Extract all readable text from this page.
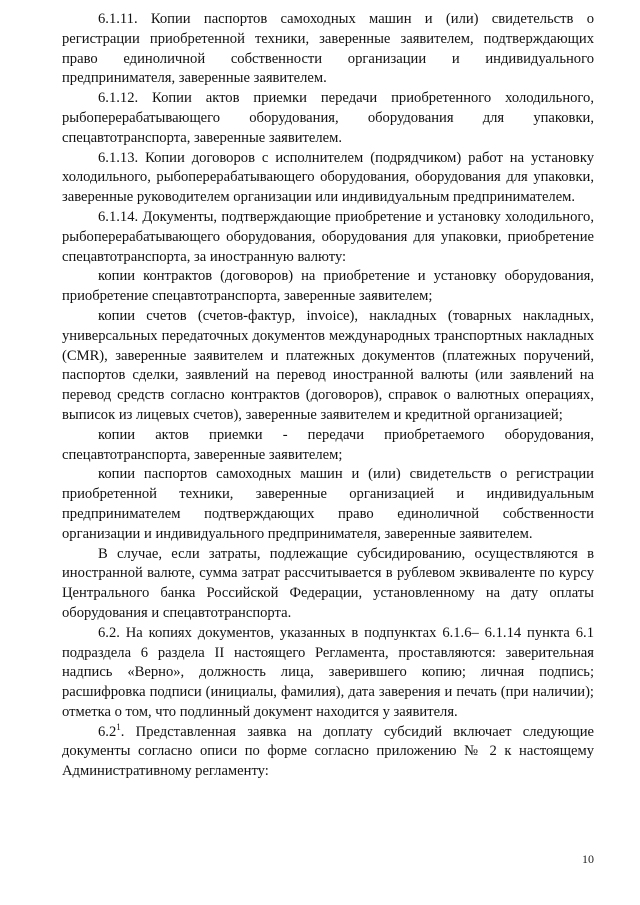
6.1.11. Копии паспортов самоходных машин и (или) свидетельств о регистрации приобретенной техники, заверенные заявителем, подтверждающих право единоличной собственности организации и индивидуального предпринимателя, заверенные заявителем.

6.1.12. Копии актов приемки передачи приобретенного холодильного, рыбоперерабатывающего оборудования, оборудования для упаковки, спецавтотранспорта, заверенные заявителем.

6.1.13. Копии договоров с исполнителем (подрядчиком) работ на установку холодильного, рыбоперерабатывающего оборудования, оборудования для упаковки, заверенные руководителем организации или индивидуальным предпринимателем.

6.1.14. Документы, подтверждающие приобретение и установку холодильного, рыбоперерабатывающего оборудования, оборудования для упаковки, приобретение спецавтотранспорта, за иностранную валюту:

копии контрактов (договоров) на приобретение и установку оборудования, приобретение спецавтотранспорта, заверенные заявителем;

копии счетов (счетов-фактур, invoice), накладных (товарных накладных, универсальных передаточных документов международных транспортных накладных (CMR), заверенные заявителем и платежных документов (платежных поручений, паспортов сделки, заявлений на перевод иностранной валюты (или заявлений на перевод средств согласно контрактов (договоров), справок о валютных операциях, выписок из лицевых счетов), заверенные заявителем и кредитной организацией;

копии актов приемки - передачи приобретаемого оборудования, спецавтотранспорта, заверенные заявителем;

копии паспортов самоходных машин и (или) свидетельств о регистрации приобретенной техники, заверенные организацией и индивидуальным предпринимателем подтверждающих право единоличной собственности организации и индивидуального предпринимателя, заверенные заявителем.

В случае, если затраты, подлежащие субсидированию, осуществляются в иностранной валюте, сумма затрат рассчитывается в рублевом эквиваленте по курсу Центрального банка Российской Федерации, установленному на дату оплаты оборудования и спецавтотранспорта.

6.2. На копиях документов, указанных в подпунктах 6.1.6– 6.1.14 пункта 6.1 подраздела 6 раздела II настоящего Регламента, проставляются: заверительная надпись «Верно», должность лица, заверившего копию; личная подпись; расшифровка подписи (инициалы, фамилия), дата заверения и печать (при наличии); отметка о том, что подлинный документ находится у заявителя.

$6.2^1$. Представленная заявка на доплату субсидий включает следующие документы согласно описи по форме согласно приложению № 2 к настоящему Административному регламенту:

10
